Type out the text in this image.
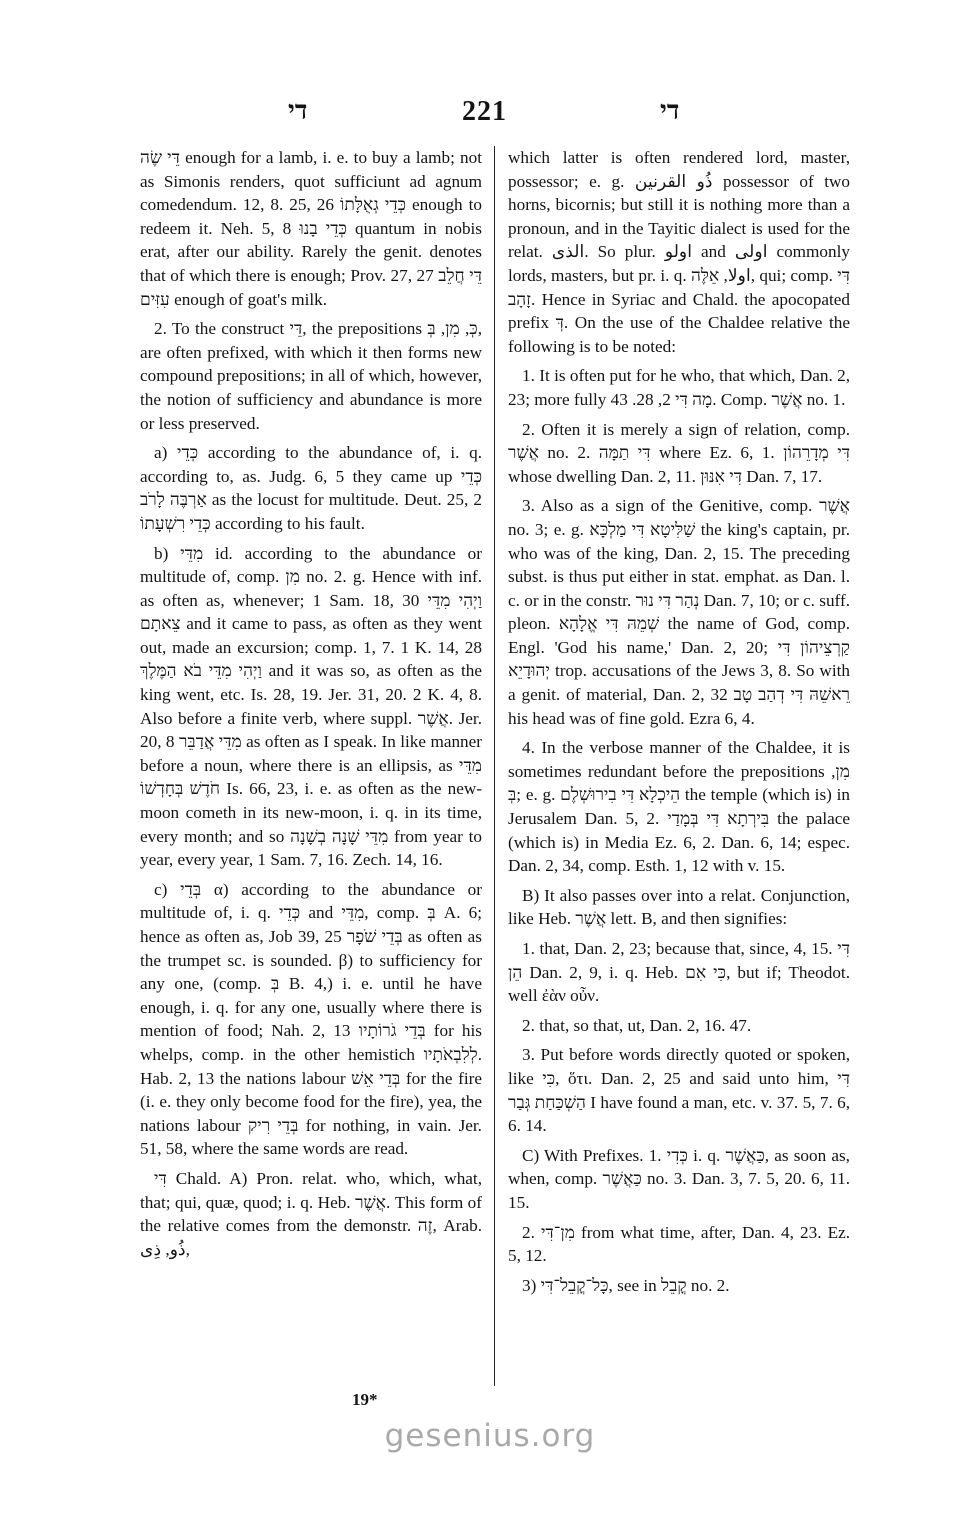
די	221	די

דֵּי שֶׂה enough for a lamb, i. e. to buy a lamb; not as Simonis renders, quot sufficiunt ad agnum comedendum. 12, 8. 25, 26 כְּדֵי גְאֻלָּתוֹ enough to redeem it. Neh. 5, 8 כְּדֵי בָנוּ quantum in nobis erat, after our ability. Rarely the genit. denotes that of which there is enough; Prov. 27, 27 דֵּי חֲלֵב עִזִּים enough of goat's milk.

2. To the construct דֵּי, the prepositions כְּ, מִן, בְּ, are often prefixed, with which it then forms new compound prepositions; in all of which, however, the notion of sufficiency and abundance is more or less preserved.

a) כְּדֵי according to the abundance of, i. q. according to, as. Judg. 6, 5 they came up כְּדֵי אַרְבֶּה לָרֹב as the locust for multitude. Deut. 25, 2 כְּדֵי רִשְׁעָתוֹ according to his fault.

b) מִדֵּי id. according to the abundance or multitude of, comp. מִן no. 2. g. Hence with inf. as often as, whenever; 1 Sam. 18, 30 וַיְהִי מִדֵּי צֵאתָם and it came to pass, as often as they went out, made an excursion; comp. 1, 7. 1 K. 14, 28 וַיְהִי מִדֵּי בֹא הַמֶּלֶךְ and it was so, as often as the king went, etc. Is. 28, 19. Jer. 31, 20. 2 K. 4, 8. Also before a finite verb, where suppl. אֲשֶׁר. Jer. 20, 8 מִדֵּי אֲדַבֵּר as often as I speak. In like manner before a noun, where there is an ellipsis, as מִדֵּי חֹדֶשׁ בְּחָדְשׁוֹ Is. 66, 23, i. e. as often as the new-moon cometh in its new-moon, i. q. in its time, every month; and so מִדֵּי שָׁנָה בְשָׁנָה from year to year, every year, 1 Sam. 7, 16. Zech. 14, 16.

c) בְּדֵי α) according to the abundance or multitude of, i. q. כְּדֵי and מִדֵּי, comp. בְּ A. 6; hence as often as, Job 39, 25 בְּדֵי שֹׁפָר as often as the trumpet sc. is sounded. β) to sufficiency for any one, (comp. בְּ B. 4,) i. e. until he have enough, i. q. for any one, usually where there is mention of food; Nah. 2, 13 בְּדֵי גֹרוֹתָיו for his whelps, comp. in the other hemistich לְלִבְאֹתָיו. Hab. 2, 13 the nations labour בְּדֵי אֵשׁ for the fire (i. e. they only become food for the fire), yea, the nations labour בְּדֵי רִיק for nothing, in vain. Jer. 51, 58, where the same words are read.

דִּי Chald. A) Pron. relat. who, which, what, that; qui, quæ, quod; i. q. Heb. אֲשֶׁר. This form of the relative comes from the demonstr. זֶה, Arab. ذُو, ذِى,

which latter is often rendered lord, master, possessor; e. g. ذُو القرنين possessor of two horns, bicornis; but still it is nothing more than a pronoun, and in the Tayitic dialect is used for the relat. الذى. So plur. اولو and اولى commonly lords, masters, but pr. i. q. اولا, אֵלֶּה, qui; comp. דִּי זָהָב. Hence in Syriac and Chald. the apocopated prefix דְּ. On the use of the Chaldee relative the following is to be noted:

1. It is often put for he who, that which, Dan. 2, 23; more fully מָה דִּי 2, 28. 43. Comp. אֲשֶׁר no. 1.

2. Often it is merely a sign of relation, comp. אֲשֶׁר no. 2. דִּי תַמָּה where Ez. 6, 1. דִּי מְדָרֵהוֹן whose dwelling Dan. 2, 11. דִּי אִנּוּן Dan. 7, 17.

3. Also as a sign of the Genitive, comp. אֲשֶׁר no. 3; e. g. שַׁלִּיטָא דִּי מַלְכָּא the king's captain, pr. who was of the king, Dan. 2, 15. The preceding subst. is thus put either in stat. emphat. as Dan. l. c. or in the constr. נְהַר דִּי נוּר Dan. 7, 10; or c. suff. pleon. שְׁמֵהּ דִּי אֱלָהָא the name of God, comp. Engl. 'God his name,' Dan. 2, 20; קַרְצֵיהוֹן דִּי יְהוּדָיֵא trop. accusations of the Jews 3, 8. So with a genit. of material, Dan. 2, 32 רֵאשֵׁהּ דִּי דְהַב טָב his head was of fine gold. Ezra 6, 4.

4. In the verbose manner of the Chaldee, it is sometimes redundant before the prepositions מִן, בְּ; e. g. הֵיכְלָא דִּי בִירוּשְׁלֶם the temple (which is) in Jerusalem Dan. 5, 2. בִּירְתָא דִּי בְּמָדַי the palace (which is) in Media Ez. 6, 2. Dan. 6, 14; espec. Dan. 2, 34, comp. Esth. 1, 12 with v. 15.

B) It also passes over into a relat. Conjunction, like Heb. אֲשֶׁר lett. B, and then signifies:

1. that, Dan. 2, 23; because that, since, 4, 15. דִּי הֵן Dan. 2, 9, i. q. Heb. כִּי אִם, but if; Theodot. well ἐὰν οὖν.

2. that, so that, ut, Dan. 2, 16. 47.

3. Put before words directly quoted or spoken, like כִּי, ὅτι. Dan. 2, 25 and said unto him, דִּי הַשְׁכַּחַת גְּבַר I have found a man, etc. v. 37. 5, 7. 6, 6. 14.

C) With Prefixes. 1. כְּדִי i. q. כַּאֲשֶׁר, as soon as, when, comp. כַּאֲשֶׁר no. 3. Dan. 3, 7. 5, 20. 6, 11. 15.

2. מִן־דִּי from what time, after, Dan. 4, 23. Ez. 5, 12.

3) כָּל־קֳבֵל־דִּי, see in קֳבֵל no. 2.

19*
gesenius.org
